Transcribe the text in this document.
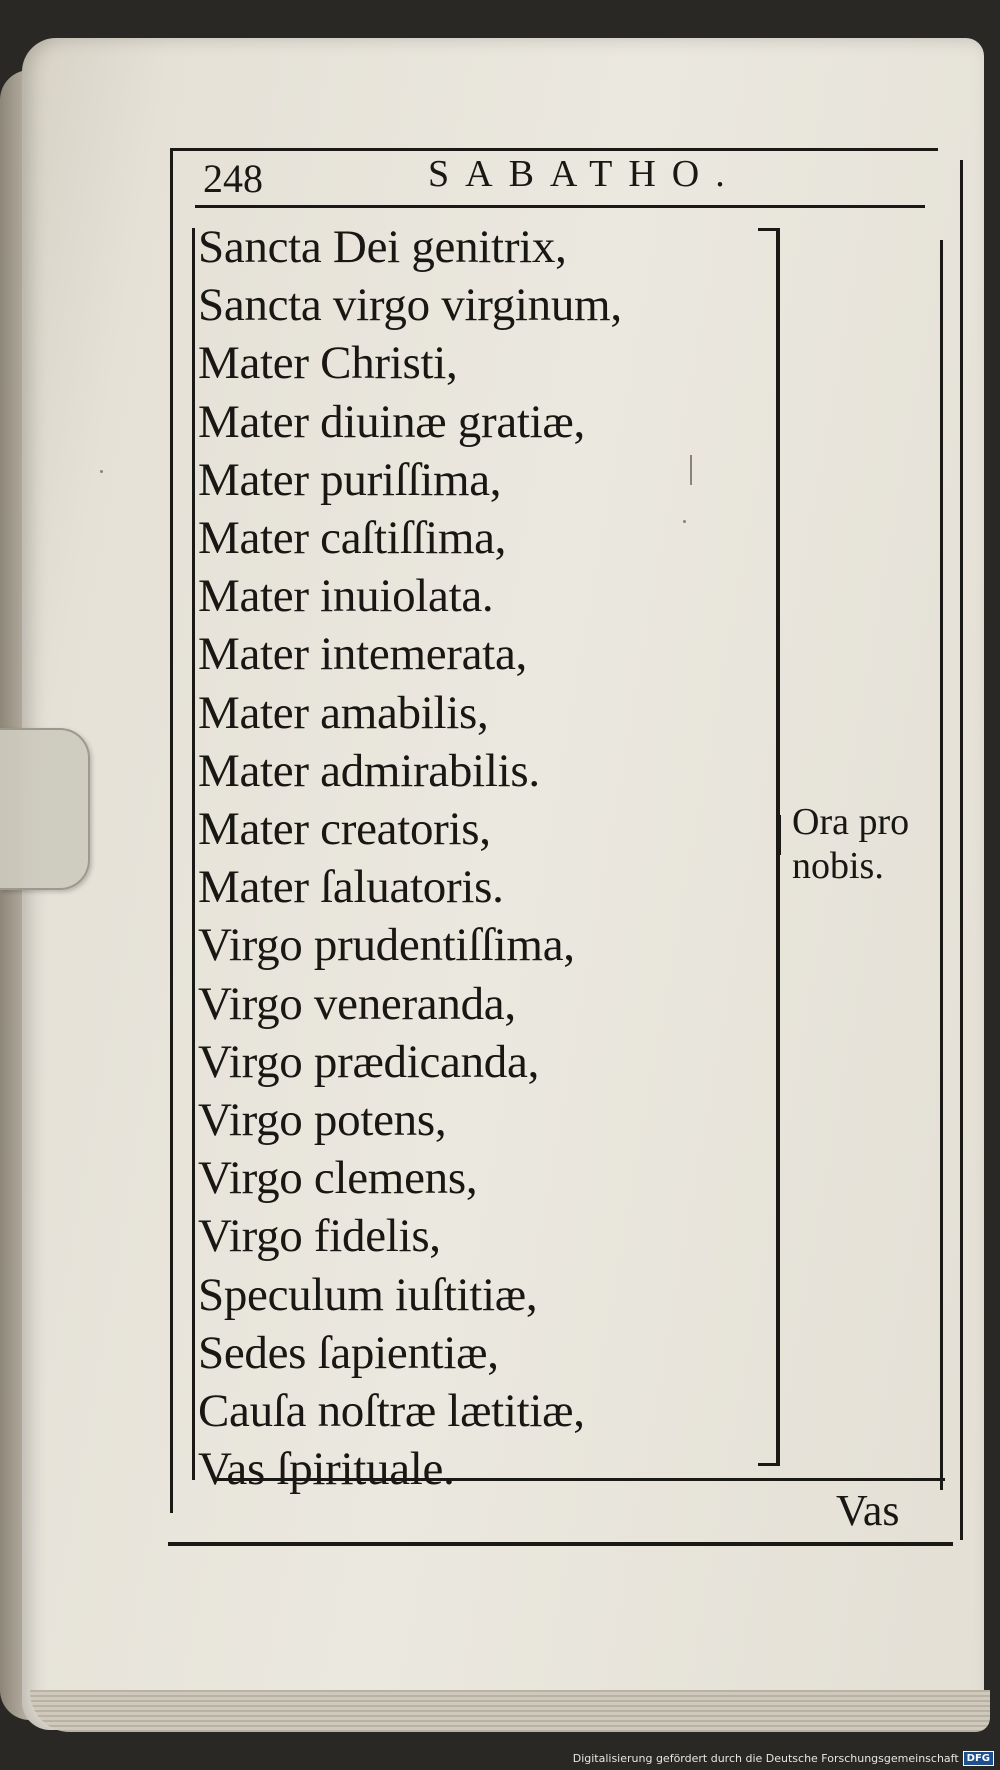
248	SABATHO.
Sancta Dei genitrix,
Sancta virgo virginum,
Mater Christi,
Mater diuinæ gratiæ,
Mater puriſſima,
Mater caſtiſſima,
Mater inuiolata.
Mater intemerata,
Mater amabilis,
Mater admirabilis.
Mater creatoris,
Mater ſaluatoris.
Virgo prudentiſſima,
Virgo veneranda,
Virgo prædicanda,
Virgo potens,
Virgo clemens,
Virgo fidelis,
Speculum iuſtitiæ,
Sedes ſapientiæ,
Cauſa noſtræ lætitiæ,
Vas ſpirituale.
Ora pro
nobis.
Vas
Digitalisierung gefördert durch die Deutsche Forschungsgemeinschaft DFG
